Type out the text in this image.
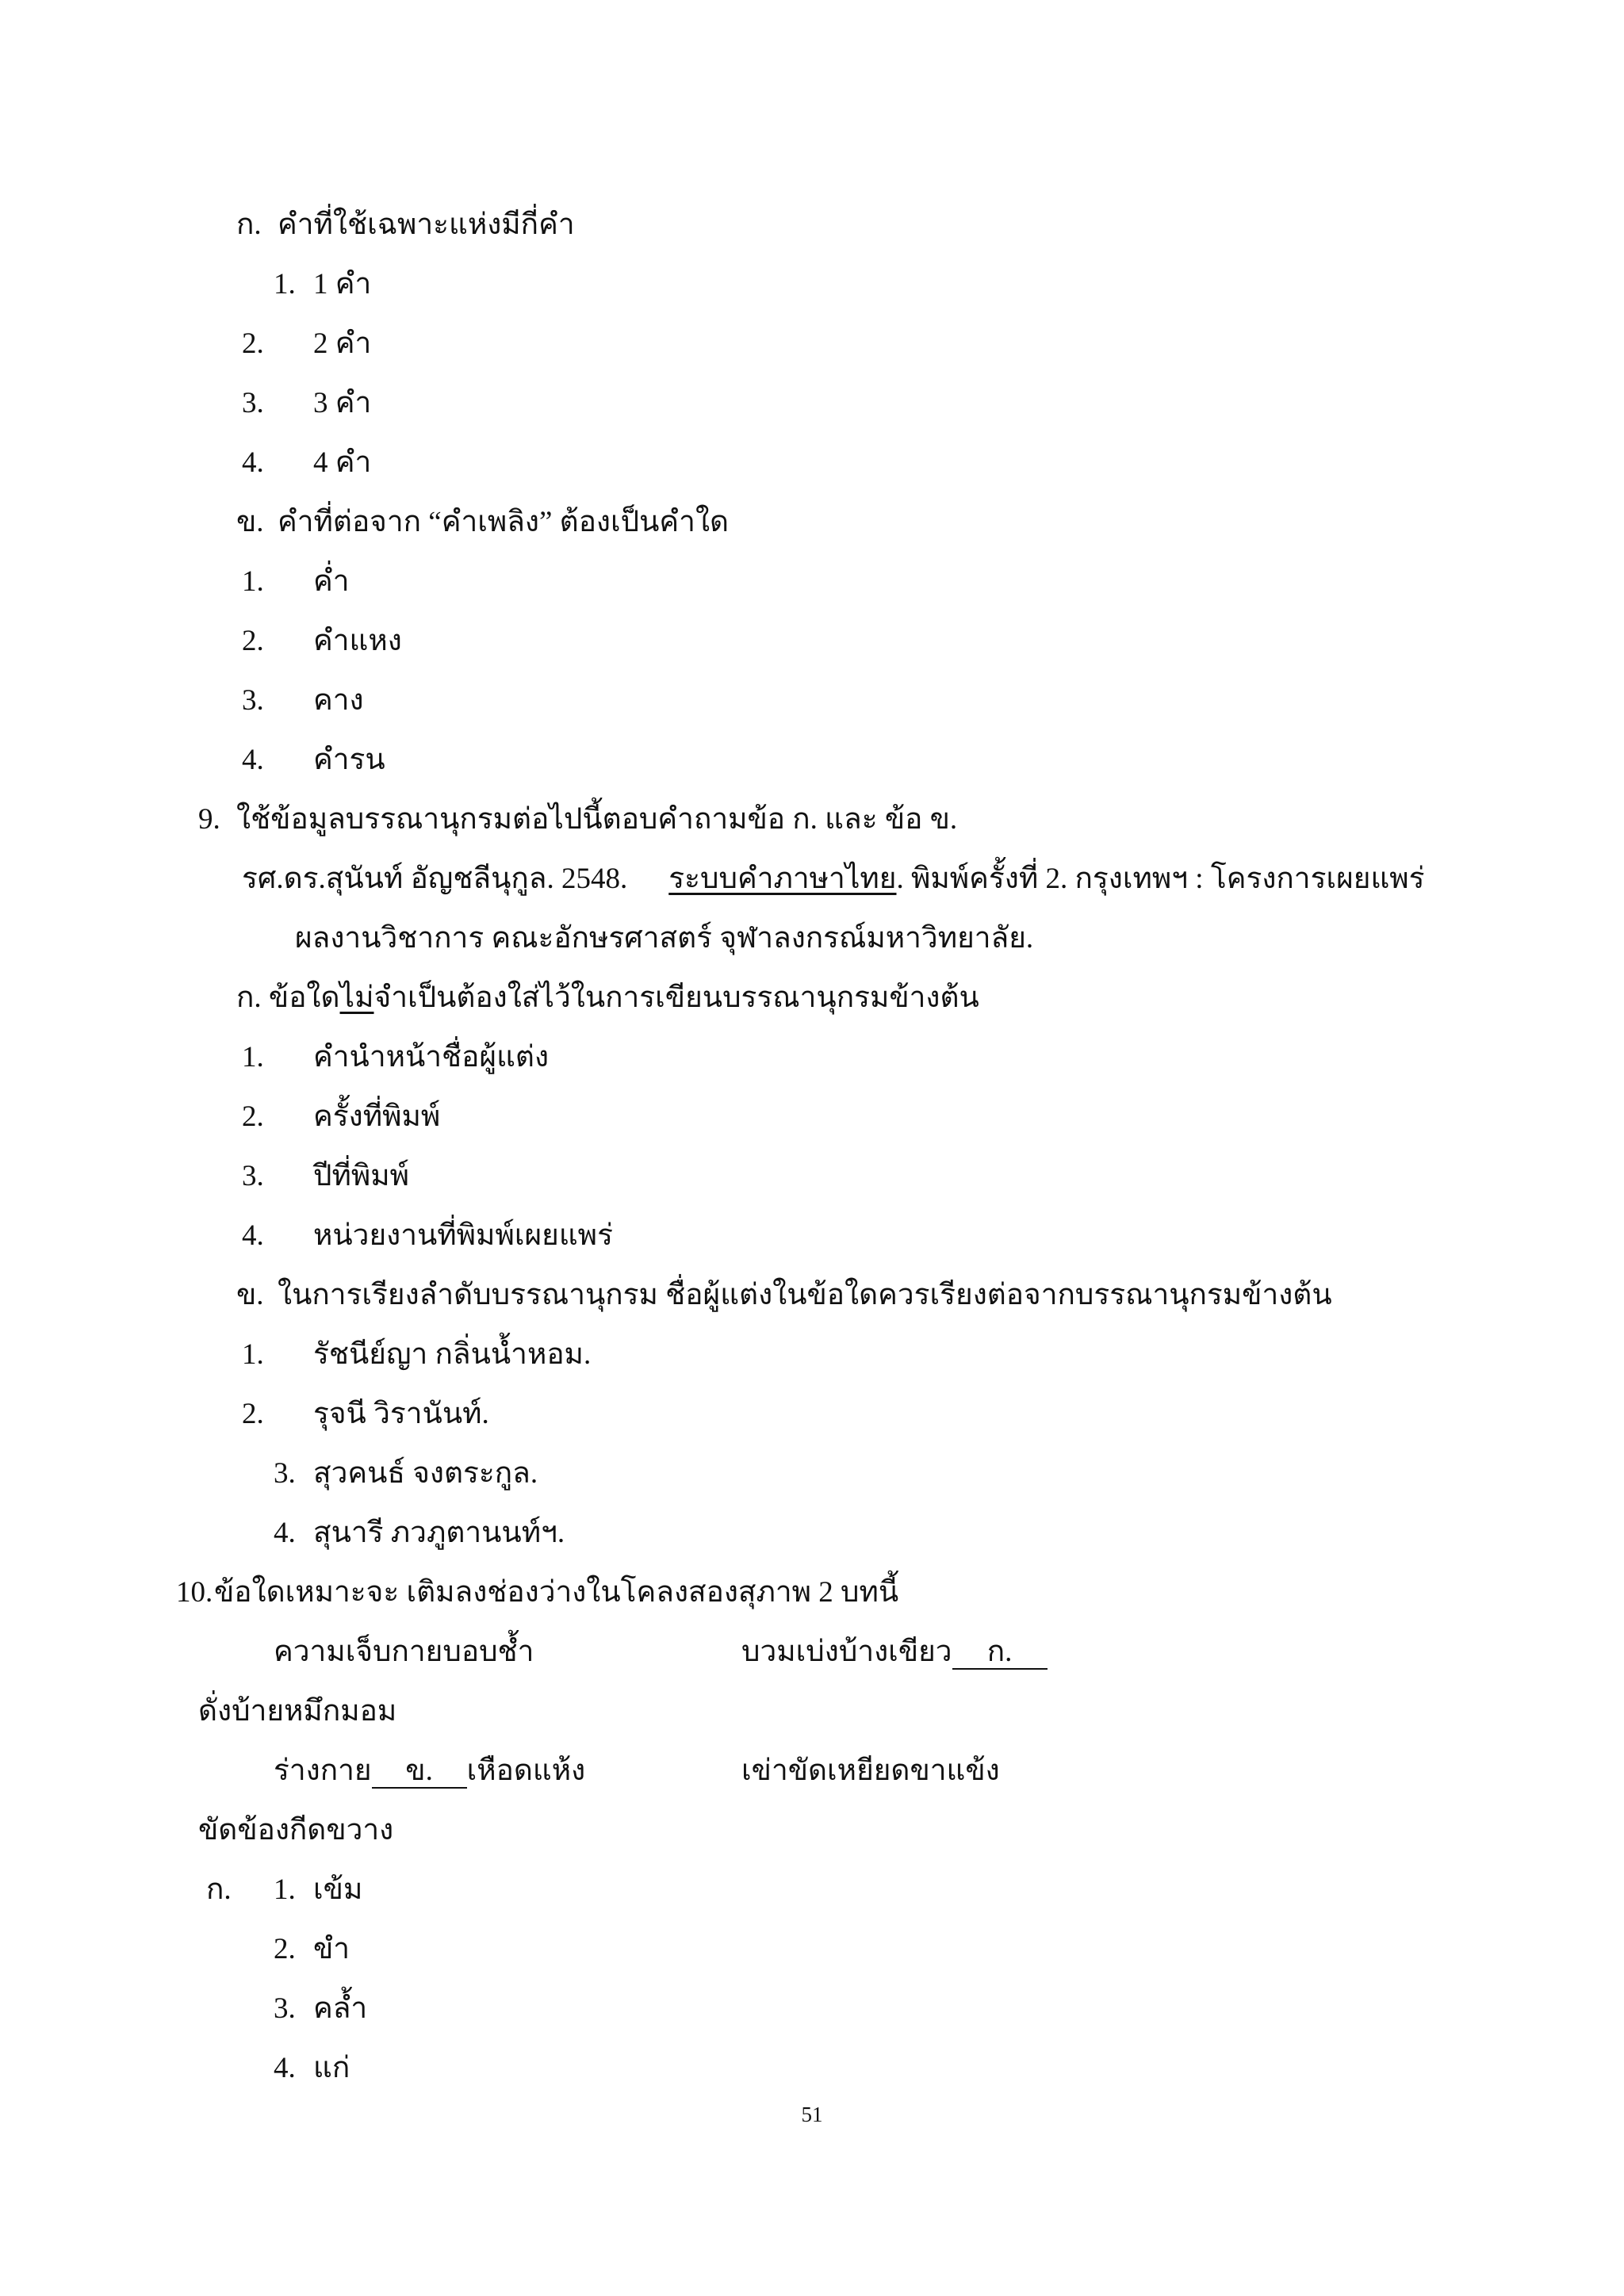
ก. คำที่ใช้เฉพาะแห่งมีกี่คำ
1. 1 คำ
2. 2 คำ
3. 3 คำ
4. 4 คำ
ข. คำที่ต่อจาก “คำเพลิง” ต้องเป็นคำใด
1. ค่ำ
2. คำแหง
3. คาง
4. คำรน
9. ใช้ข้อมูลบรรณานุกรมต่อไปนี้ตอบคำถามข้อ ก. และ ข้อ ข.
รศ.ดร.สุนันท์ อัญชลีนุกูล. 2548. ระบบคำภาษาไทย. พิมพ์ครั้งที่ 2. กรุงเทพฯ : โครงการเผยแพร่
ผลงานวิชาการ คณะอักษรศาสตร์ จุฬาลงกรณ์มหาวิทยาลัย.
ก. ข้อใดไม่จำเป็นต้องใส่ไว้ในการเขียนบรรณานุกรมข้างต้น
1. คำนำหน้าชื่อผู้แต่ง
2. ครั้งที่พิมพ์
3. ปีที่พิมพ์
4. หน่วยงานที่พิมพ์เผยแพร่
ข. ในการเรียงลำดับบรรณานุกรม ชื่อผู้แต่งในข้อใดควรเรียงต่อจากบรรณานุกรมข้างต้น
1. รัชนีย์ญา กลิ่นน้ำหอม.
2. รุจนี วิรานันท์.
3. สุวคนธ์ จงตระกูล.
4. สุนารี ภวภูตานนท์ฯ.
10. ข้อใดเหมาะจะ เติมลงช่องว่างในโคลงสองสุภาพ 2 บทนี้
ความเจ็บกายบอบช้ำ	บวมเบ่งบ้างเขียว ก.
ดั่งบ้ายหมึกมอม
ร่างกาย ข. เหือดแห้ง	เข่าขัดเหยียดขาแข้ง
ขัดข้องกีดขวาง
ก. 1. เข้ม
2. ขำ
3. คล้ำ
4. แก่
51
